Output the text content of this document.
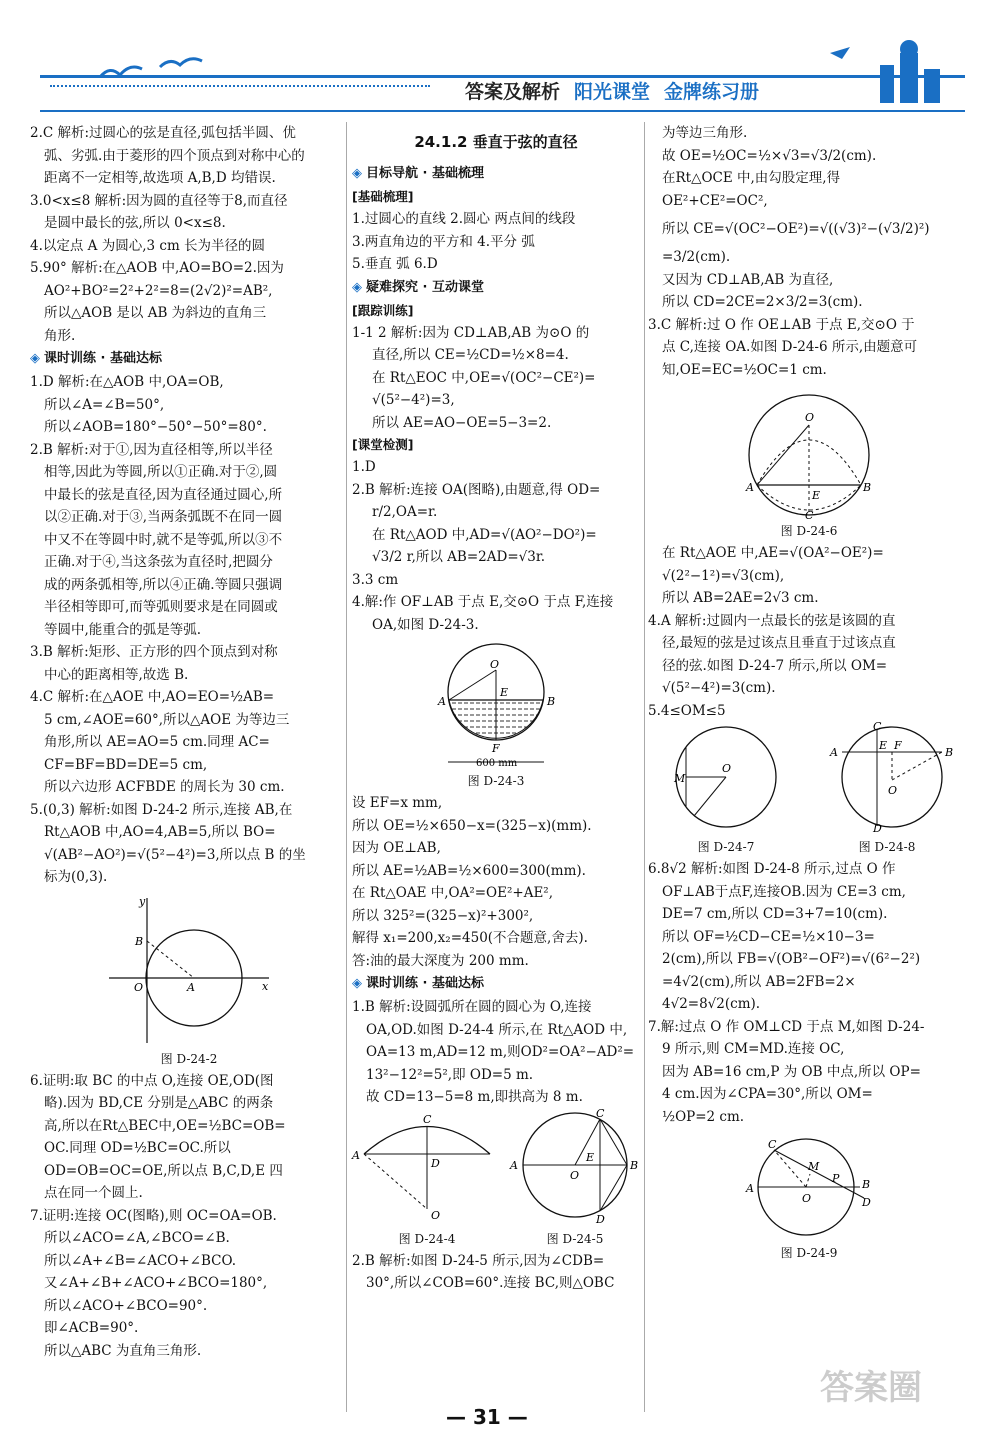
答案及解析 阳光课堂 金牌练习册
2.C 解析:过圆心的弦是直径,弧包括半圆、优
弧、劣弧.由于菱形的四个顶点到对称中心的
距离不一定相等,故选项 A,B,D 均错误.
3.0<x≤8 解析:因为圆的直径等于8,而直径
是圆中最长的弦,所以 0<x≤8.
4.以定点 A 为圆心,3 cm 长为半径的圆
5.90° 解析:在△AOB 中,AO=BO=2.因为
AO²+BO²=2²+2²=8=(2√2)²=AB²,
所以△AOB 是以 AB 为斜边的直角三
角形.
◈ 课时训练 · 基础达标
1.D 解析:在△AOB 中,OA=OB,
所以∠A=∠B=50°,
所以∠AOB=180°−50°−50°=80°.
2.B 解析:对于①,因为直径相等,所以半径
相等,因此为等圆,所以①正确.对于②,圆
中最长的弦是直径,因为直径通过圆心,所
以②正确.对于③,当两条弧既不在同一圆
中又不在等圆中时,就不是等弧,所以③不
正确.对于④,当这条弦为直径时,把圆分
成的两条弧相等,所以④正确.等圆只强调
半径相等即可,而等弧则要求是在同圆或
等圆中,能重合的弧是等弧.
3.B 解析:矩形、正方形的四个顶点到对称
中心的距离相等,故选 B.
4.C 解析:在△AOE 中,AO=EO=½AB=
5 cm,∠AOE=60°,所以△AOE 为等边三
角形,所以 AE=AO=5 cm.同理 AC=
CF=BF=BD=DE=5 cm,
所以六边形 ACFBDE 的周长为 30 cm.
5.(0,3) 解析:如图 D-24-2 所示,连接 AB,在
Rt△AOB 中,AO=4,AB=5,所以 BO=
√(AB²−AO²)=√(5²−4²)=3,所以点 B 的坐
标为(0,3).
y
x
B
O	A
图 D-24-2
6.证明:取 BC 的中点 O,连接 OE,OD(图
略).因为 BD,CE 分别是△ABC 的两条
高,所以在Rt△BEC中,OE=½BC=OB=
OC.同理 OD=½BC=OC.所以
OD=OB=OC=OE,所以点 B,C,D,E 四
点在同一个圆上.
7.证明:连接 OC(图略),则 OC=OA=OB.
所以∠ACO=∠A,∠BCO=∠B.
所以∠A+∠B=∠ACO+∠BCO.
又∠A+∠B+∠ACO+∠BCO=180°,
所以∠ACO+∠BCO=90°.
即∠ACB=90°.
所以△ABC 为直角三角形.
24.1.2 垂直于弦的直径
◈ 目标导航 · 基础梳理
[基础梳理]
1.过圆心的直线 2.圆心 两点间的线段
3.两直角边的平方和 4.平分 弧
5.垂直 弧 6.D
◈ 疑难探究 · 互动课堂
[跟踪训练]
1-1 2 解析:因为 CD⊥AB,AB 为⊙O 的
直径,所以 CE=½CD=½×8=4.
在 Rt△EOC 中,OE=√(OC²−CE²)=
√(5²−4²)=3,
所以 AE=AO−OE=5−3=2.
[课堂检测]
1.D
2.B 解析:连接 OA(图略),由题意,得 OD=
r/2,OA=r.
在 Rt△AOD 中,AD=√(AO²−DO²)=
√3/2 r,所以 AB=2AD=√3r.
3.3 cm
4.解:作 OF⊥AB 于点 E,交⊙O 于点 F,连接
OA,如图 D-24-3.
A	B
O
E
F
600 mm
图 D-24-3
设 EF=x mm,
所以 OE=½×650−x=(325−x)(mm).
因为 OE⊥AB,
所以 AE=½AB=½×600=300(mm).
在 Rt△OAE 中,OA²=OE²+AE²,
所以 325²=(325−x)²+300²,
解得 x₁=200,x₂=450(不合题意,舍去).
答:油的最大深度为 200 mm.
◈ 课时训练 · 基础达标
1.B 解析:设圆弧所在圆的圆心为 O,连接
OA,OD.如图 D-24-4 所示,在 Rt△AOD 中,
OA=13 m,AD=12 m,则OD²=OA²−AD²=
13²−12²=5²,即 OD=5 m.
故 CD=13−5=8 m,即拱高为 8 m.
A
C
D
O
图 D-24-4
A	B
C
D
O
E
图 D-24-5
2.B 解析:如图 D-24-5 所示,因为∠CDB=
30°,所以∠COB=60°.连接 BC,则△OBC
为等边三角形.
故 OE=½OC=½×√3=√3/2(cm).
在Rt△OCE 中,由勾股定理,得
OE²+CE²=OC²,
所以 CE=√(OC²−OE²)=√((√3)²−(√3/2)²)
=3/2(cm).
又因为 CD⊥AB,AB 为直径,
所以 CD=2CE=2×3/2=3(cm).
3.C 解析:过 O 作 OE⊥AB 于点 E,交⊙O 于
点 C,连接 OA.如图 D-24-6 所示,由题意可
知,OE=EC=½OC=1 cm.
A	B
O
E
C
图 D-24-6
在 Rt△AOE 中,AE=√(OA²−OE²)=
√(2²−1²)=√3(cm),
所以 AB=2AE=2√3 cm.
4.A 解析:过圆内一点最长的弦是该圆的直
径,最短的弦是过该点且垂直于过该点直
径的弦.如图 D-24-7 所示,所以 OM=
√(5²−4²)=3(cm).
5.4≤OM≤5
M
O
图 D-24-7
A	B
C
D
E F
O
图 D-24-8
6.8√2 解析:如图 D-24-8 所示,过点 O 作
OF⊥AB于点F,连接OB.因为 CE=3 cm,
DE=7 cm,所以 CD=3+7=10(cm).
所以 OF=½CD−CE=½×10−3=
2(cm),所以 FB=√(OB²−OF²)=√(6²−2²)
=4√2(cm),所以 AB=2FB=2×
4√2=8√2(cm).
7.解:过点 O 作 OM⊥CD 于点 M,如图 D-24-
9 所示,则 CM=MD.连接 OC,
因为 AB=16 cm,P 为 OB 中点,所以 OP=
4 cm.因为∠CPA=30°,所以 OM=
½OP=2 cm.
A	B
C
D
M
P
O
图 D-24-9
— 31 —
答案圈
